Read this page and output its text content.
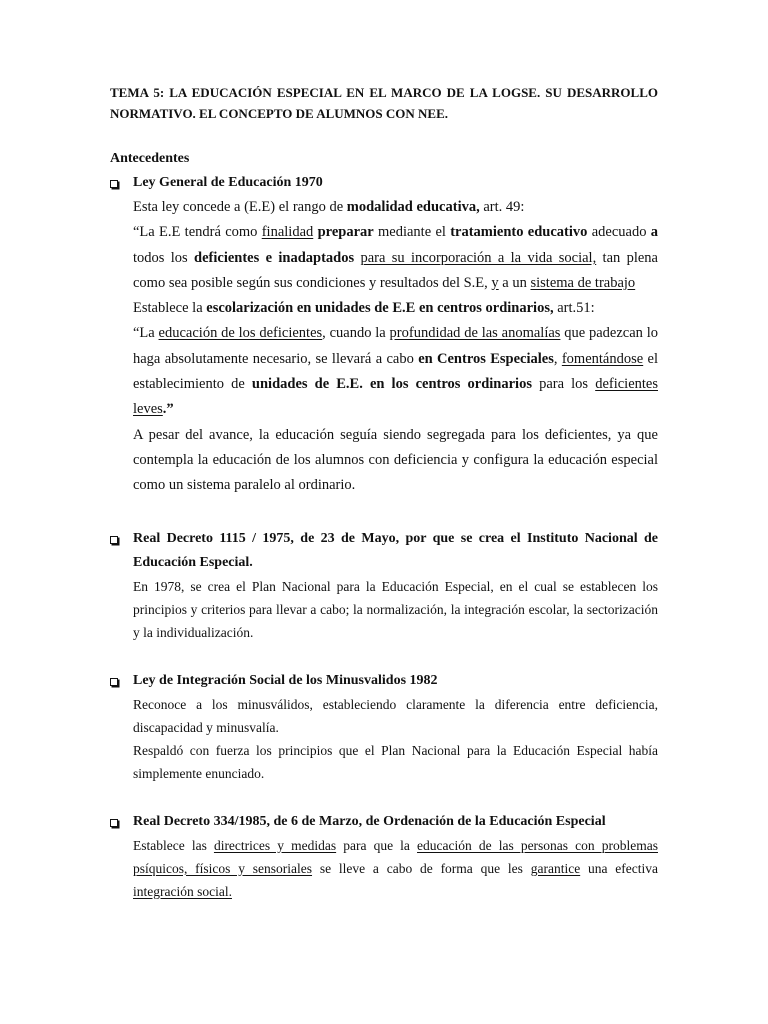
TEMA 5: LA EDUCACIÓN ESPECIAL EN EL MARCO DE LA LOGSE. SU DESARROLLO NORMATIVO. EL CONCEPTO DE ALUMNOS CON NEE.

Antecedentes
Ley General de Educación 1970

Esta ley concede a (E.E) el rango de modalidad educativa, art. 49:

“La E.E tendrá como finalidad preparar mediante el tratamiento educativo adecuado a todos los deficientes e inadaptados para su incorporación a la vida social, tan plena como sea posible según sus condiciones y resultados del S.E, y a un sistema de trabajo

Establece la escolarización en unidades de E.E en centros ordinarios, art.51:

“La educación de los deficientes, cuando la profundidad de las anomalías que padezcan lo haga absolutamente necesario, se llevará a cabo en Centros Especiales, fomentándose el establecimiento de unidades de E.E. en los centros ordinarios para los deficientes leves.”

A pesar del avance, la educación seguía siendo segregada para los deficientes, ya que contempla la educación de los alumnos con deficiencia y configura la educación especial como un sistema paralelo al ordinario.

Real Decreto 1115 / 1975, de 23 de Mayo, por que se crea el Instituto Nacional de Educación Especial.

En 1978, se crea el Plan Nacional para la Educación Especial, en el cual se establecen los principios y criterios para llevar a cabo; la normalización, la integración escolar, la sectorización y la individualización.

Ley de Integración Social de los Minusvalidos 1982

Reconoce a los minusválidos, estableciendo claramente la diferencia entre deficiencia, discapacidad y minusvalía.

Respaldó con fuerza los principios que el Plan Nacional para la Educación Especial había simplemente enunciado.

Real Decreto 334/1985, de 6 de Marzo, de Ordenación de la Educación Especial

Establece las directrices y medidas para que la educación de las personas con problemas psíquicos, físicos y sensoriales se lleve a cabo de forma que les garantice una efectiva integración social.
